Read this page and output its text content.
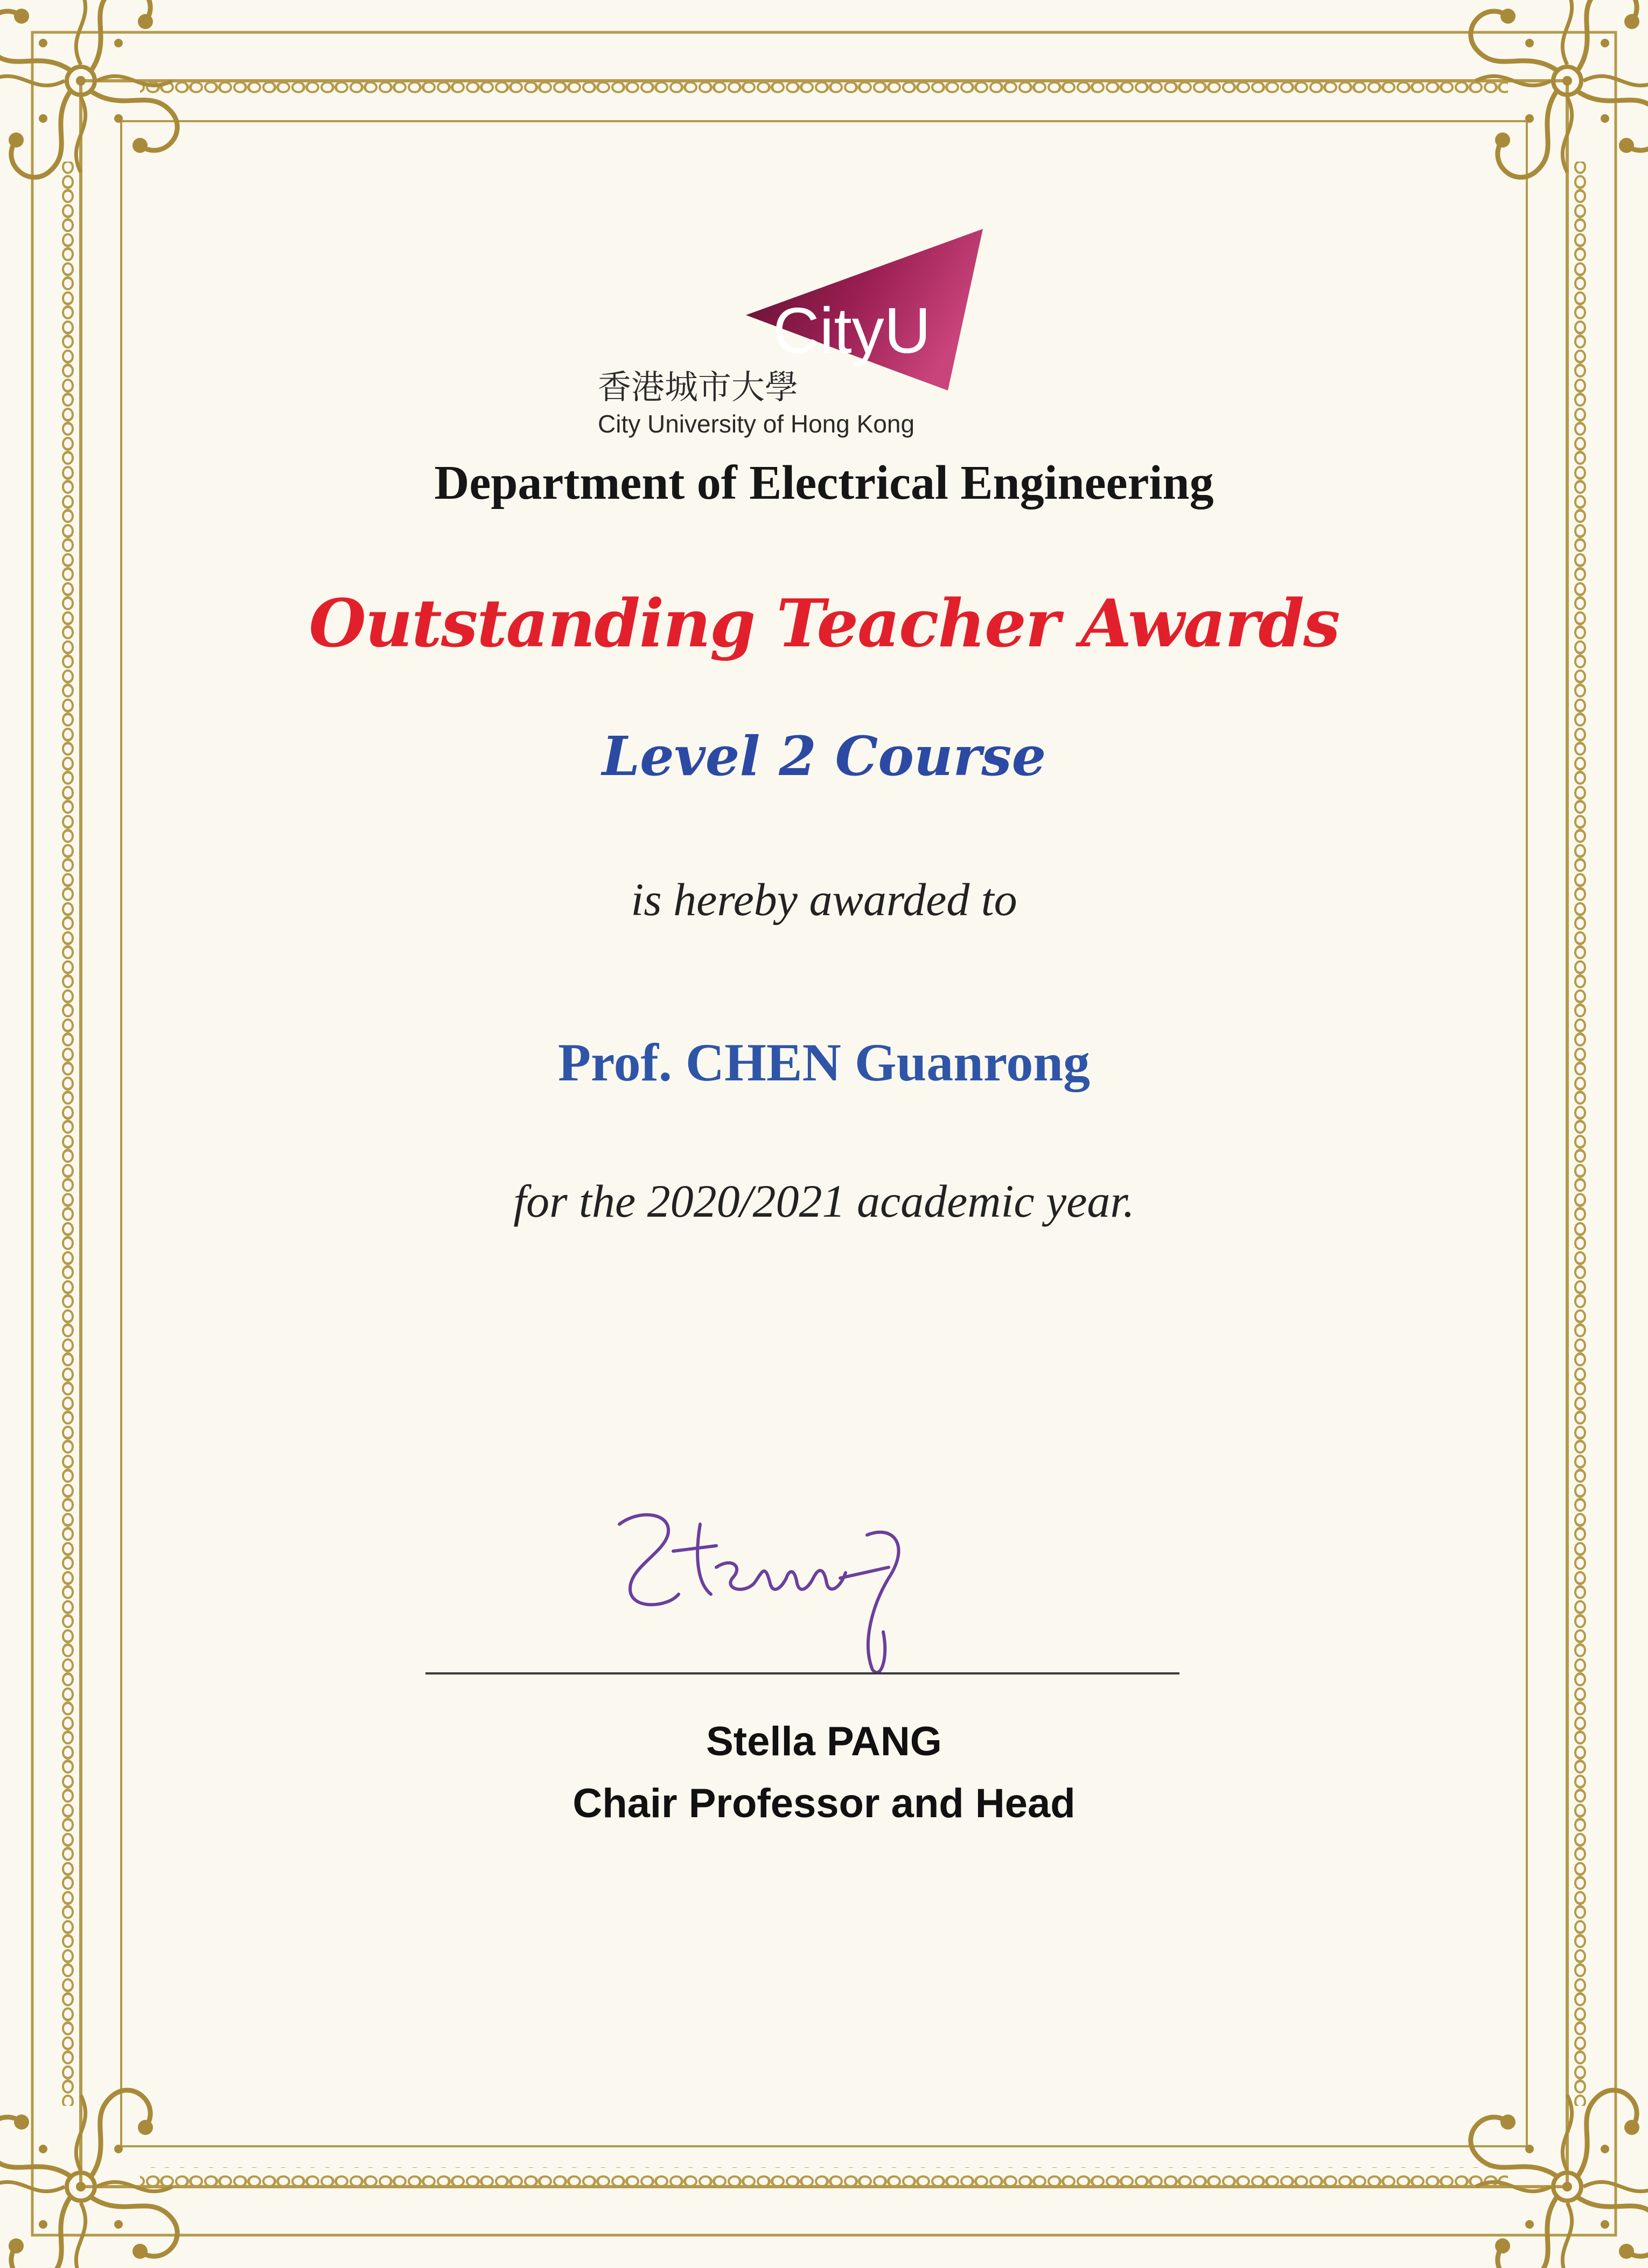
CityU
香港城市大學
City University of Hong Kong
Department of Electrical Engineering
Outstanding Teacher Awards
Level 2 Course
is hereby awarded to
Prof. CHEN Guanrong
for the 2020/2021 academic year.
Stella PANG
Chair Professor and Head
